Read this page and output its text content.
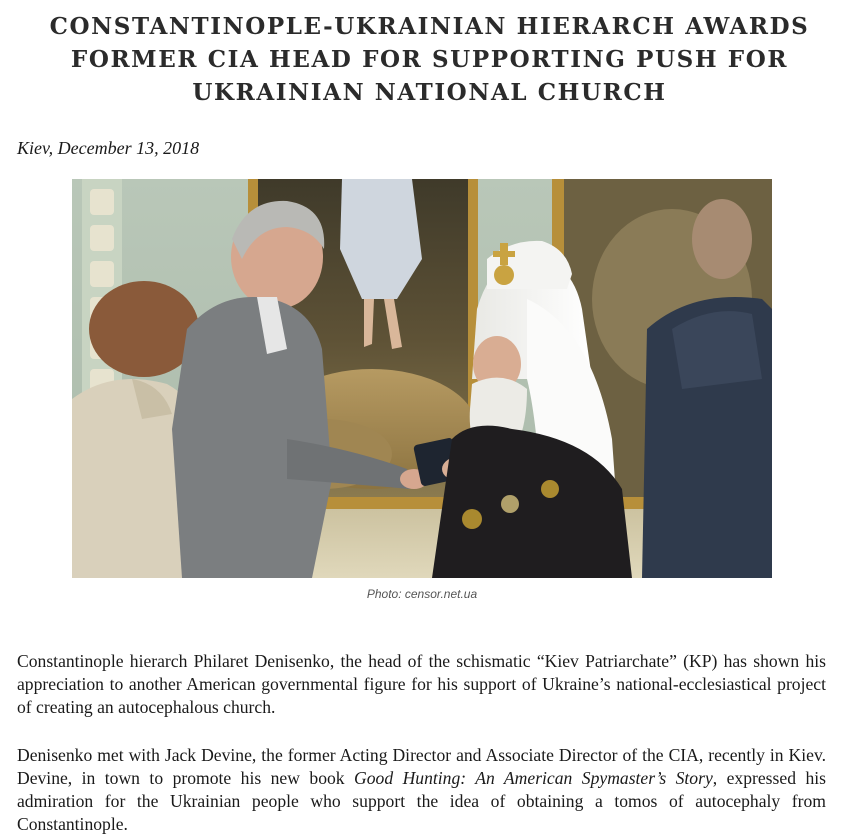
CONSTANTINOPLE-UKRAINIAN HIERARCH AWARDS FORMER CIA HEAD FOR SUPPORTING PUSH FOR UKRAINIAN NATIONAL CHURCH

Kiev, December 13, 2018

Photo: censor.net.ua

Constantinople hierarch Philaret Denisenko, the head of the schismatic “Kiev Patriarchate” (KP) has shown his appreciation to another American governmental figure for his support of Ukraine’s national-ecclesiastical project of creating an autocephalous church.

Denisenko met with Jack Devine, the former Acting Director and Associate Director of the CIA, recently in Kiev. Devine, in town to promote his new book Good Hunting: An American Spymaster’s Story, expressed his admiration for the Ukrainian people who support the idea of obtaining a tomos of autocephaly from Constantinople.
